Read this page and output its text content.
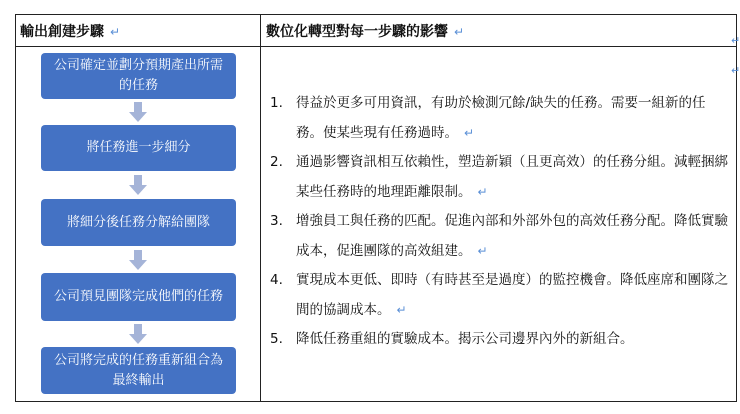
輸出創建步驟 ↵	數位化轉型對每一步驟的影響 ↵
公司確定並劃分預期產出所需的任務
將任務進一步細分
將細分後任務分解給團隊
公司預見團隊完成他們的任務
公司將完成的任務重新組合為最終輸出
1. 得益於更多可用資訊，有助於檢測冗餘/缺失的任務。需要一組新的任務。使某些現有任務過時。 ↵
2. 通過影響資訊相互依賴性，塑造新穎（且更高效）的任務分組。減輕捆綁某些任務時的地理距離限制。 ↵
3. 增強員工與任務的匹配。促進內部和外部外包的高效任務分配。降低實驗成本，促進團隊的高效組建。 ↵
4. 實現成本更低、即時（有時甚至是過度）的監控機會。降低座席和團隊之間的協調成本。 ↵
5. 降低任務重組的實驗成本。揭示公司邊界內外的新組合。
↵
↵
